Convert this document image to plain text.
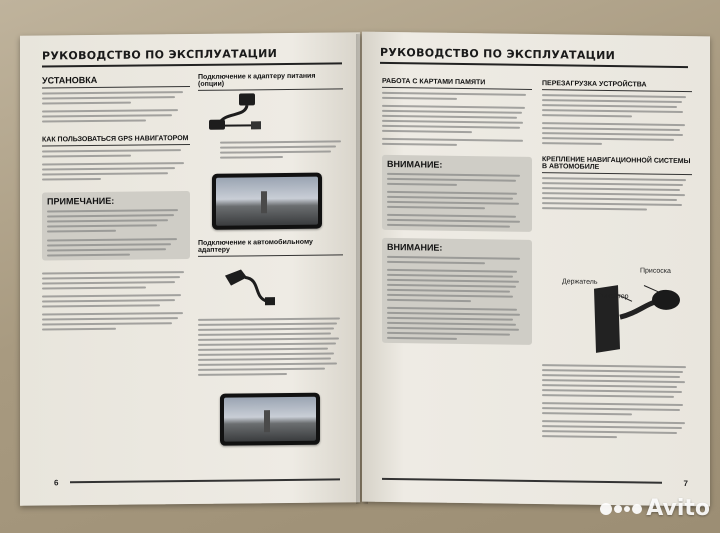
РУКОВОДСТВО ПО ЭКСПЛУАТАЦИИ
УСТАНОВКА
КАК ПОЛЬЗОВАТЬСЯ GPS НАВИГАТОРОМ
ПРИМЕЧАНИЕ:
Подключение к адаптеру питания (опции)
Подключение к автомобильному адаптеру
6
РУКОВОДСТВО ПО ЭКСПЛУАТАЦИИ
РАБОТА С КАРТАМИ ПАМЯТИ
ВНИМАНИЕ:
ВНИМАНИЕ:
ПЕРЕЗАГРУЗКА УСТРОЙСТВА
КРЕПЛЕНИЕ НАВИГАЦИОННОЙ СИСТЕМЫ В АВТОМОБИЛЕ
Присоска
Держатель
Фиксатор
7
Avito
